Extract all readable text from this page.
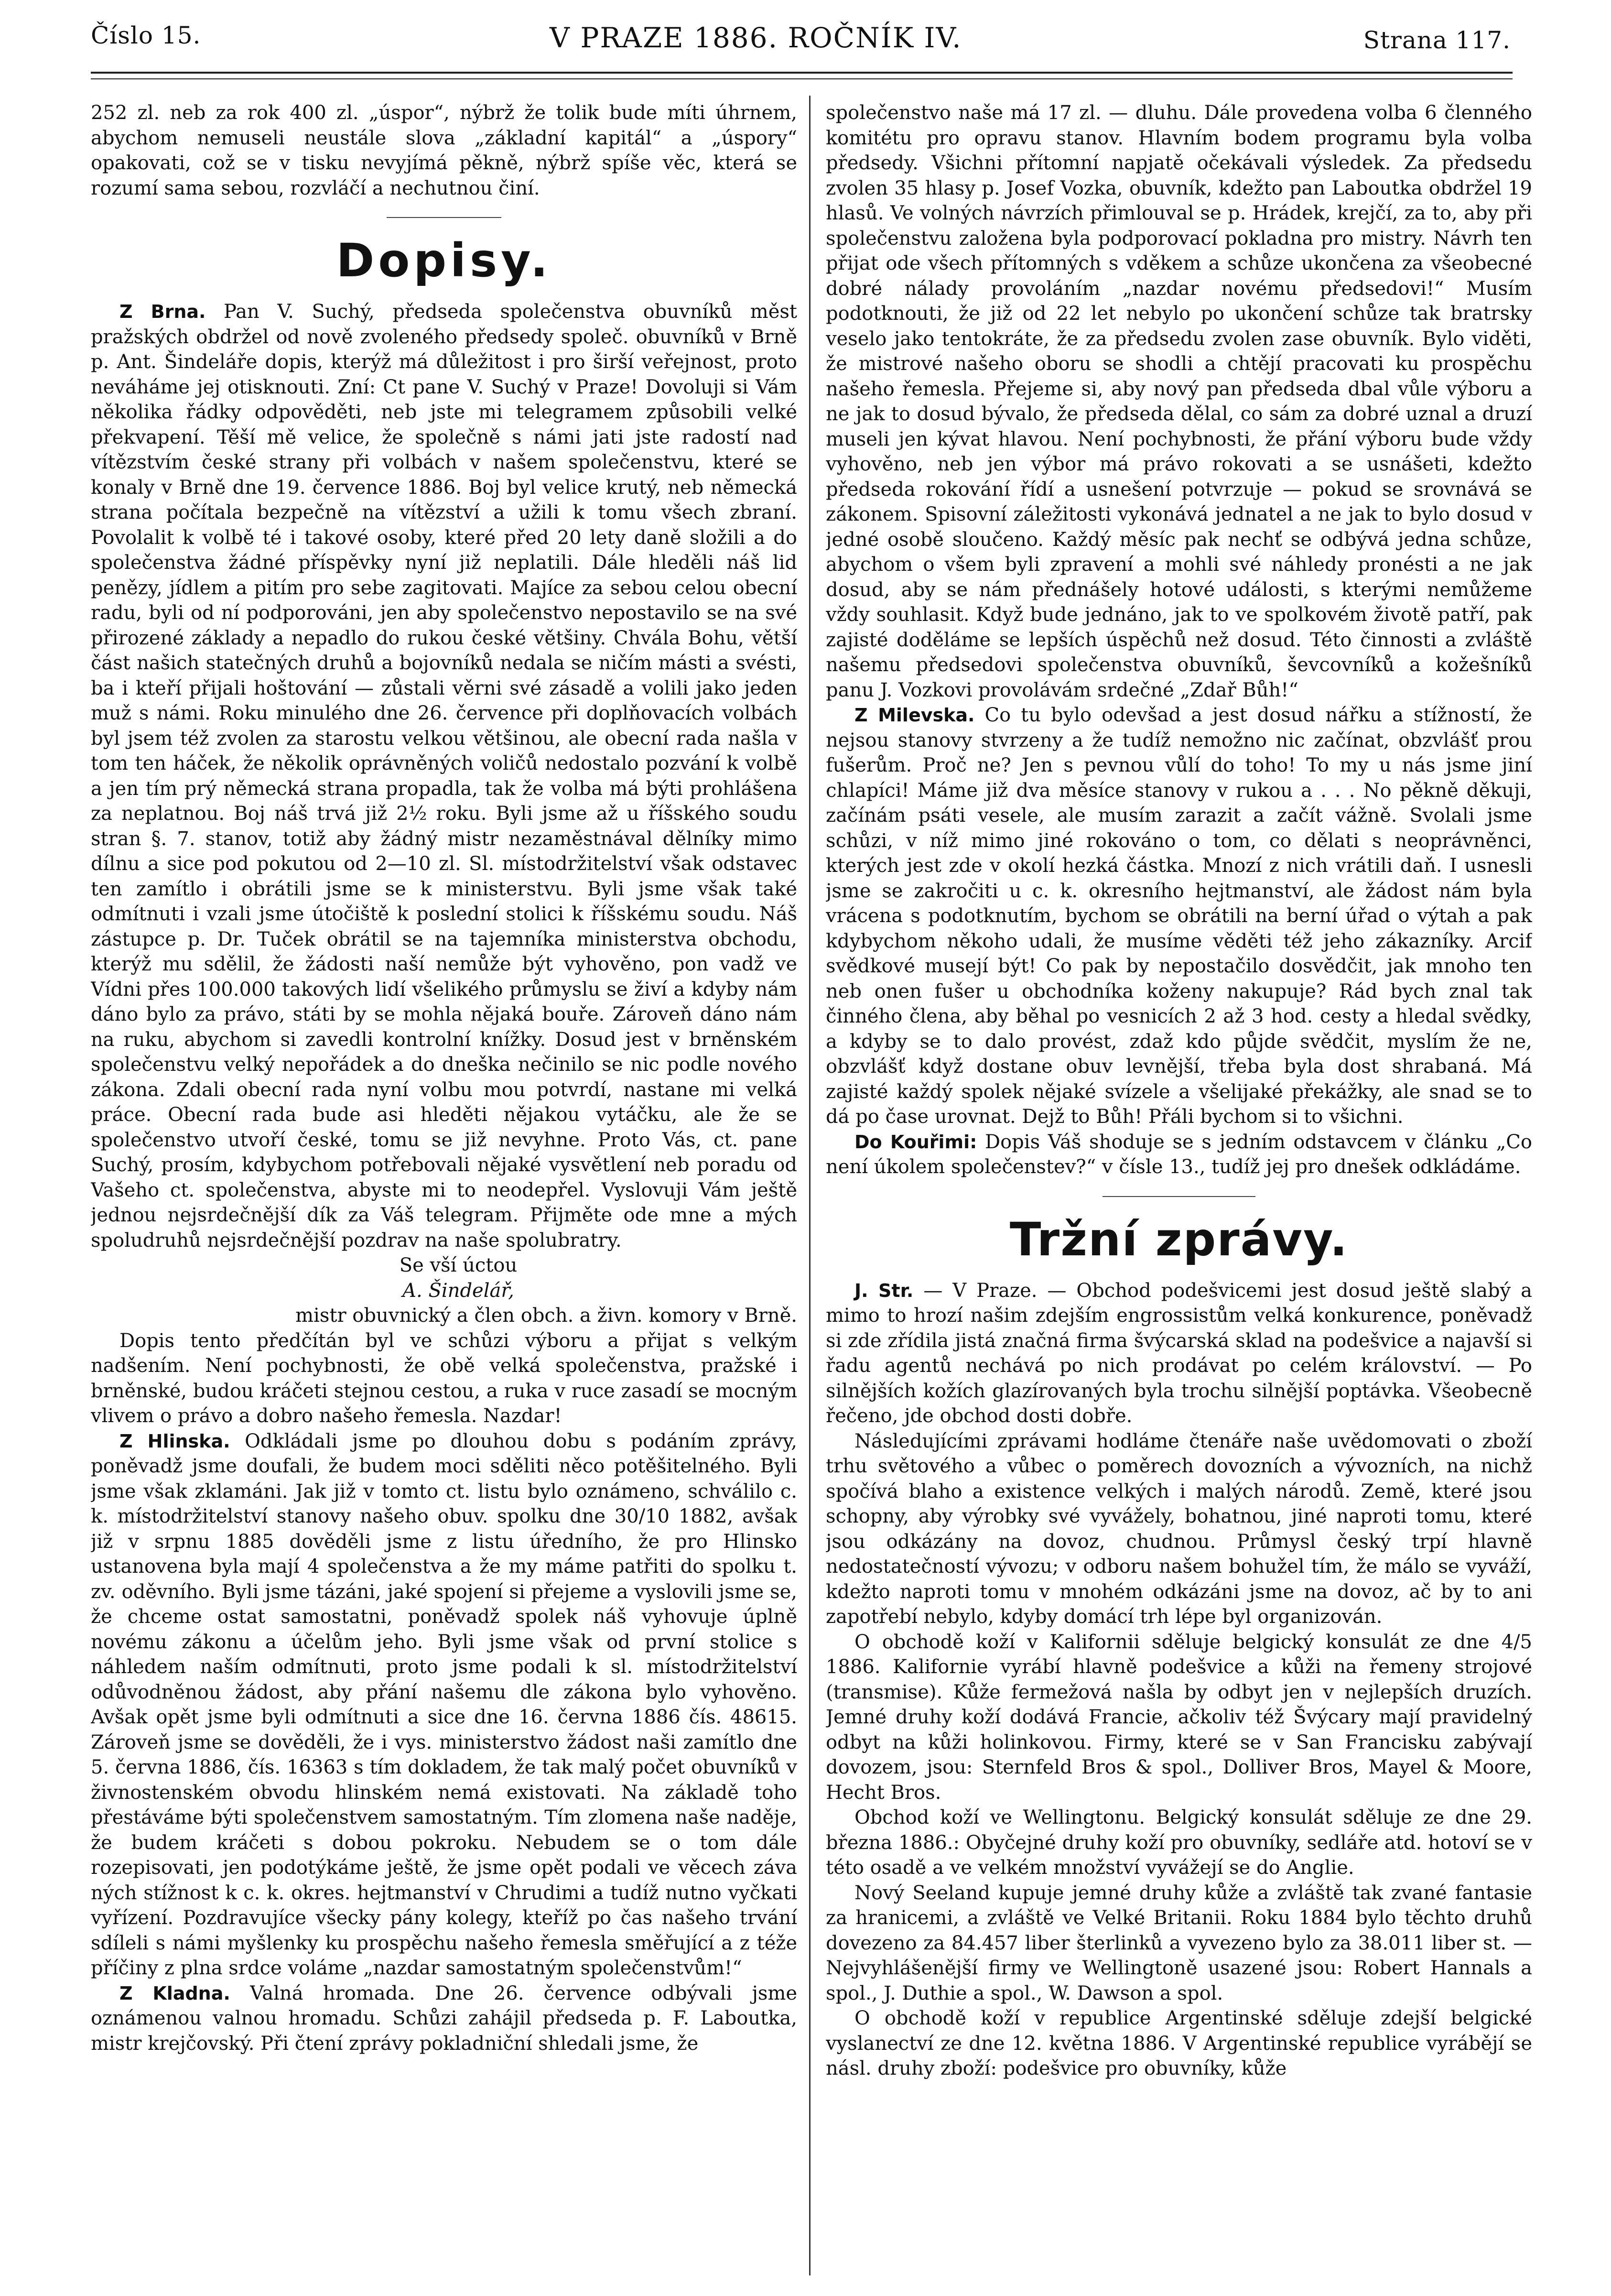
Číslo 15.	V PRAZE 1886. ROČNÍK IV.	Strana 117.

252 zl. neb za rok 400 zl. „úspor“, nýbrž že tolik bude míti úhrnem, abychom nemuseli neustále slova „základní kapitál“ a „úspory“ opakovati, což se v tisku nevyjímá pěkně, nýbrž spíše věc, která se rozumí sama sebou, rozvláčí a nechutnou činí.

Dopisy.

Z Brna. Pan V. Suchý, předseda společenstva obuvníků měst pražských obdržel od nově zvoleného předsedy společ. obuvníků v Brně p. Ant. Šindeláře dopis, kterýž má důležitost i pro širší veřejnost, proto neváháme jej otisknouti. Zní: Ct pane V. Suchý v Praze! Dovoluji si Vám několika řádky odpověděti, neb jste mi telegramem způsobili velké překvapení. Těší mě velice, že společně s námi jati jste radostí nad vítězstvím české strany při volbách v našem společenstvu, které se konaly v Brně dne 19. července 1886. Boj byl velice krutý, neb německá strana počítala bezpečně na vítězství a užili k tomu všech zbraní. Povolalit k volbě té i takové osoby, které před 20 lety daně složili a do společenstva žádné příspěvky nyní již neplatili. Dále hleděli náš lid penězy, jídlem a pitím pro sebe zagitovati. Majíce za sebou celou obecní radu, byli od ní podporováni, jen aby společenstvo nepostavilo se na své přirozené základy a nepadlo do rukou české většiny. Chvála Bohu, větší část našich statečných druhů a bojovníků nedala se ničím másti a svésti, ba i kteří přijali hoštování — zůstali věrni své zásadě a volili jako jeden muž s námi. Roku minulého dne 26. července při doplňovacích volbách byl jsem též zvolen za starostu velkou většinou, ale obecní rada našla v tom ten háček, že několik oprávněných voličů nedostalo pozvání k volbě a jen tím prý německá strana propadla, tak že volba má býti prohlášena za neplatnou. Boj náš trvá již 2½ roku. Byli jsme až u říšského soudu stran §. 7. stanov, totiž aby žádný mistr nezaměstnával dělníky mimo dílnu a sice pod pokutou od 2—10 zl. Sl. místodržitelství však odstavec ten zamítlo i obrátili jsme se k ministerstvu. Byli jsme však také odmítnuti i vzali jsme útočiště k poslední stolici k říšskému soudu. Náš zástupce p. Dr. Tuček obrátil se na tajemníka ministerstva obchodu, kterýž mu sdělil, že žádosti naší nemůže být vyhověno, pon vadž ve Vídni přes 100.000 takových lidí všelikého průmyslu se živí a kdyby nám dáno bylo za právo, státi by se mohla nějaká bouře. Zároveň dáno nám na ruku, abychom si zavedli kontrolní knížky. Dosud jest v brněnském společenstvu velký nepořádek a do dneška nečinilo se nic podle nového zákona. Zdali obecní rada nyní volbu mou potvrdí, nastane mi velká práce. Obecní rada bude asi hleděti nějakou vytáčku, ale že se společenstvo utvoří české, tomu se již nevyhne. Proto Vás, ct. pane Suchý, prosím, kdybychom potřebovali nějaké vysvětlení neb poradu od Vašeho ct. společenstva, abyste mi to neodepřel. Vyslovuji Vám ještě jednou nejsrdečnější dík za Váš telegram. Přijměte ode mne a mých spoludruhů nejsrdečnější pozdrav na naše spolubratry.

Se vší úctou

A. Šindelář,

mistr obuvnický a člen obch. a živn. komory v Brně.

Dopis tento předčítán byl ve schůzi výboru a přijat s velkým nadšením. Není pochybnosti, že obě velká společenstva, pražské i brněnské, budou kráčeti stejnou cestou, a ruka v ruce zasadí se mocným vlivem o právo a dobro našeho řemesla. Nazdar!

Z Hlinska. Odkládali jsme po dlouhou dobu s podáním zprávy, poněvadž jsme doufali, že budem moci sděliti něco potěšitelného. Byli jsme však zklamáni. Jak již v tomto ct. listu bylo oznámeno, schválilo c. k. místodržitelství stanovy našeho obuv. spolku dne 30/10 1882, avšak již v srpnu 1885 dověděli jsme z listu úředního, že pro Hlinsko ustanovena byla mají 4 společenstva a že my máme patřiti do spolku t. zv. oděvního. Byli jsme tázáni, jaké spojení si přejeme a vyslovili jsme se, že chceme ostat samostatni, poněvadž spolek náš vyhovuje úplně novému zákonu a účelům jeho. Byli jsme však od první stolice s náhledem naším odmítnuti, proto jsme podali k sl. místodržitelství odůvodněnou žádost, aby přání našemu dle zákona bylo vyhověno. Avšak opět jsme byli odmítnuti a sice dne 16. června 1886 čís. 48615. Zároveň jsme se dověděli, že i vys. ministerstvo žádost naši zamítlo dne 5. června 1886, čís. 16363 s tím dokladem, že tak malý počet obuvníků v živnostenském obvodu hlinském nemá existovati. Na základě toho přestáváme býti společenstvem samostatným. Tím zlomena naše naděje, že budem kráčeti s dobou pokroku. Nebudem se o tom dále rozepisovati, jen podotýkáme ještě, že jsme opět podali ve věcech záva ných stížnost k c. k. okres. hejtmanství v Chrudimi a tudíž nutno vyčkati vyřízení. Pozdravujíce všecky pány kolegy, kteříž po čas našeho trvání sdíleli s námi myšlenky ku prospěchu našeho řemesla směřující a z téže příčiny z plna srdce voláme „nazdar samostatným společenstvům!“

Z Kladna. Valná hromada. Dne 26. července odbývali jsme oznámenou valnou hromadu. Schůzi zahájil předseda p. F. Laboutka, mistr krejčovský. Při čtení zprávy pokladniční shledali jsme, že

společenstvo naše má 17 zl. — dluhu. Dále provedena volba 6 členného komitétu pro opravu stanov. Hlavním bodem programu byla volba předsedy. Všichni přítomní napjatě očekávali výsledek. Za předsedu zvolen 35 hlasy p. Josef Vozka, obuvník, kdežto pan Laboutka obdržel 19 hlasů. Ve volných návrzích přimlouval se p. Hrádek, krejčí, za to, aby při společenstvu založena byla podporovací pokladna pro mistry. Návrh ten přijat ode všech přítomných s vděkem a schůze ukončena za všeobecné dobré nálady provoláním „nazdar novému předsedovi!“ Musím podotknouti, že již od 22 let nebylo po ukončení schůze tak bratrsky veselo jako tentokráte, že za předsedu zvolen zase obuvník. Bylo viděti, že mistrové našeho oboru se shodli a chtějí pracovati ku prospěchu našeho řemesla. Přejeme si, aby nový pan předseda dbal vůle výboru a ne jak to dosud bývalo, že předseda dělal, co sám za dobré uznal a druzí museli jen kývat hlavou. Není pochybnosti, že přání výboru bude vždy vyhověno, neb jen výbor má právo rokovati a se usnášeti, kdežto předseda rokování řídí a usnešení potvrzuje — pokud se srovnává se zákonem. Spisovní záležitosti vykonává jednatel a ne jak to bylo dosud v jedné osobě sloučeno. Každý měsíc pak nechť se odbývá jedna schůze, abychom o všem byli zpravení a mohli své náhledy pronésti a ne jak dosud, aby se nám přednášely hotové události, s kterými nemůžeme vždy souhlasit. Když bude jednáno, jak to ve spolkovém životě patří, pak zajisté doděláme se lepších úspěchů než dosud. Této činnosti a zvláště našemu předsedovi společenstva obuvníků, ševcovníků a kožešníků panu J. Vozkovi provolávám srdečné „Zdař Bůh!“

Z Milevska. Co tu bylo odevšad a jest dosud nářku a stížností, že nejsou stanovy stvrzeny a že tudíž nemožno nic začínat, obzvlášť prou fušerům. Proč ne? Jen s pevnou vůlí do toho! To my u nás jsme jiní chlapíci! Máme již dva měsíce stanovy v rukou a . . . No pěkně děkuji, začínám psáti vesele, ale musím zarazit a začít vážně. Svolali jsme schůzi, v níž mimo jiné rokováno o tom, co dělati s neoprávněnci, kterých jest zde v okolí hezká částka. Mnozí z nich vrátili daň. I usnesli jsme se zakročiti u c. k. okresního hejtmanství, ale žádost nám byla vrácena s podotknutím, bychom se obrátili na berní úřad o výtah a pak kdybychom někoho udali, že musíme věděti též jeho zákazníky. Arcif svědkové musejí být! Co pak by nepostačilo dosvědčit, jak mnoho ten neb onen fušer u obchodníka koženy nakupuje? Rád bych znal tak činného člena, aby běhal po vesnicích 2 až 3 hod. cesty a hledal svědky, a kdyby se to dalo provést, zdaž kdo půjde svědčit, myslím že ne, obzvlášť když dostane obuv levnější, třeba byla dost shrabaná. Má zajisté každý spolek nějaké svízele a všelijaké překážky, ale snad se to dá po čase urovnat. Dejž to Bůh! Přáli bychom si to všichni.

Do Kouřimi: Dopis Váš shoduje se s jedním odstavcem v článku „Co není úkolem společenstev?“ v čísle 13., tudíž jej pro dnešek odkládáme.

Tržní zprávy.

J. Str. — V Praze. — Obchod podešvicemi jest dosud ještě slabý a mimo to hrozí našim zdejším engrossistům velká konkurence, poněvadž si zde zřídila jistá značná firma švýcarská sklad na podešvice a najavší si řadu agentů nechává po nich prodávat po celém království. — Po silnějších kožích glazírovaných byla trochu silnější poptávka. Všeobecně řečeno, jde obchod dosti dobře.

Následujícími zprávami hodláme čtenáře naše uvědomovati o zboží trhu světového a vůbec o poměrech dovozních a vývozních, na nichž spočívá blaho a existence velkých i malých národů. Země, které jsou schopny, aby výrobky své vyvážely, bohatnou, jiné naproti tomu, které jsou odkázány na dovoz, chudnou. Průmysl český trpí hlavně nedostatečností vývozu; v odboru našem bohužel tím, že málo se vyváží, kdežto naproti tomu v mnohém odkázáni jsme na dovoz, ač by to ani zapotřebí nebylo, kdyby domácí trh lépe byl organizován.

O obchodě koží v Kalifornii sděluje belgický konsulát ze dne 4/5 1886. Kalifornie vyrábí hlavně podešvice a kůži na řemeny strojové (transmise). Kůže fermežová našla by odbyt jen v nejlepších druzích. Jemné druhy koží dodává Francie, ačkoliv též Švýcary mají pravidelný odbyt na kůži holinkovou. Firmy, které se v San Francisku zabývají dovozem, jsou: Sternfeld Bros & spol., Dolliver Bros, Mayel & Moore, Hecht Bros.

Obchod koží ve Wellingtonu. Belgický konsulát sděluje ze dne 29. března 1886.: Obyčejné druhy koží pro obuvníky, sedláře atd. hotoví se v této osadě a ve velkém množství vyvážejí se do Anglie.

Nový Seeland kupuje jemné druhy kůže a zvláště tak zvané fantasie za hranicemi, a zvláště ve Velké Britanii. Roku 1884 bylo těchto druhů dovezeno za 84.457 liber šterlinků a vyvezeno bylo za 38.011 liber st. — Nejvyhlášenější firmy ve Wellingtoně usazené jsou: Robert Hannals a spol., J. Duthie a spol., W. Dawson a spol.

O obchodě koží v republice Argentinské sděluje zdejší belgické vyslanectví ze dne 12. května 1886. V Argentinské republice vyrábějí se násl. druhy zboží: podešvice pro obuvníky, kůže
